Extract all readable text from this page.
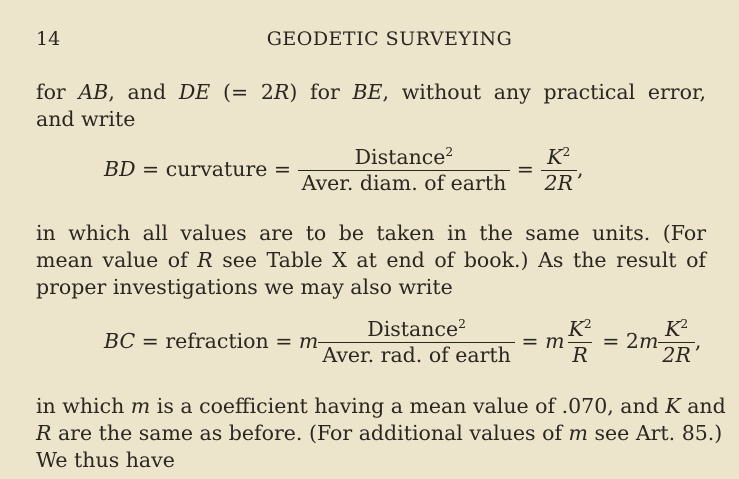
14	GEODETIC SURVEYING
for AB, and DE (= 2R) for BE, without any practical error,
and write
BD = curvature = $\frac{Distance^2}{\text{Aver. diam. of earth}} = \frac{K^2}{2R}$ ,
in which all values are to be taken in the same units. (For
mean value of R see Table X at end of book.) As the result of
proper investigations we may also write
BC = refraction = m $\frac{Distance^2}{\text{Aver. rad. of earth}} = m \frac{K^2}{R} = 2m \frac{K^2}{2R}$ ,
in which m is a coefficient having a mean value of .070, and K and
R are the same as before. (For additional values of m see Art. 85.)
We thus have
